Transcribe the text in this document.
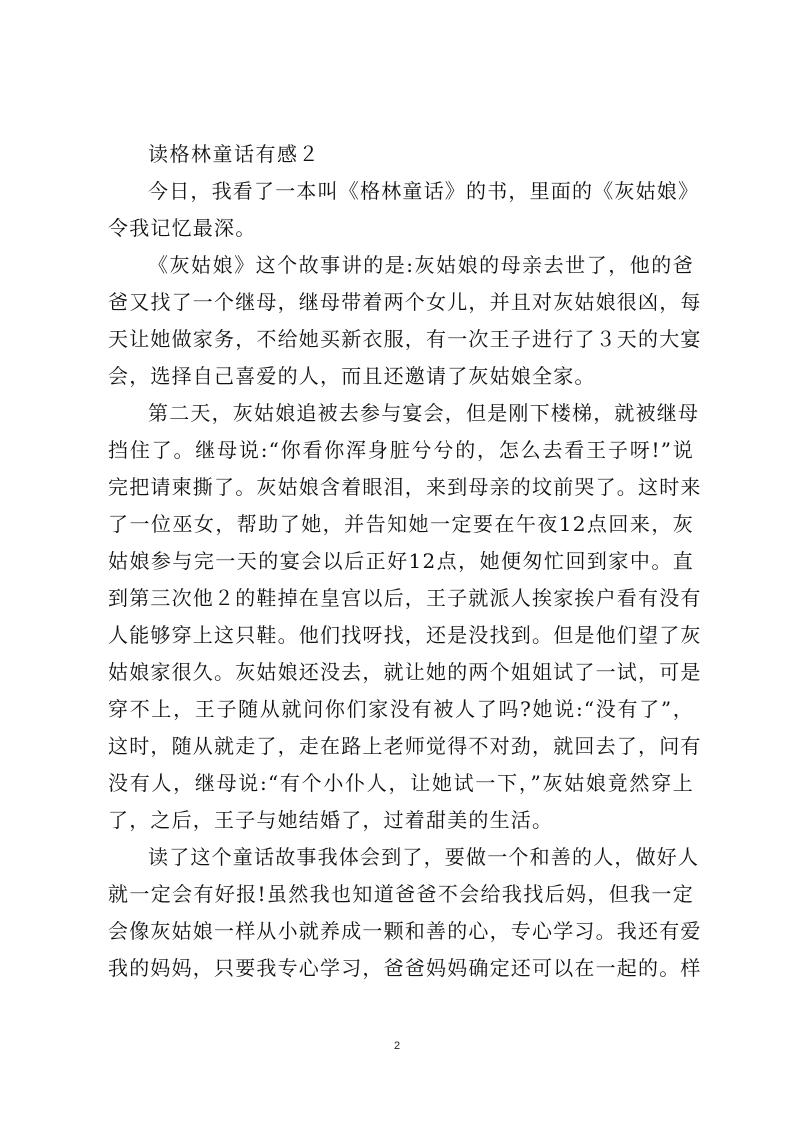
读格林童话有感２
今日，我看了一本叫《格林童话》的书，里面的《灰姑娘》
令我记忆最深。
《灰姑娘》这个故事讲的是:灰姑娘的母亲去世了，他的爸
爸又找了一个继母，继母带着两个女儿，并且对灰姑娘很凶，每
天让她做家务，不给她买新衣服，有一次王子进行了３天的大宴
会，选择自己喜爱的人，而且还邀请了灰姑娘全家。
第二天，灰姑娘追被去参与宴会，但是刚下楼梯，就被继母
挡住了。继母说:“你看你浑身脏兮兮的，怎么去看王子呀!”说
完把请柬撕了。灰姑娘含着眼泪，来到母亲的坟前哭了。这时来
了一位巫女，帮助了她，并告知她一定要在午夜12点回来，灰
姑娘参与完一天的宴会以后正好12点，她便匆忙回到家中。直
到第三次他２的鞋掉在皇宫以后，王子就派人挨家挨户看有没有
人能够穿上这只鞋。他们找呀找，还是没找到。但是他们望了灰
姑娘家很久。灰姑娘还没去，就让她的两个姐姐试了一试，可是
穿不上，王子随从就问你们家没有被人了吗?她说:“没有了”，
这时，随从就走了，走在路上老师觉得不对劲，就回去了，问有
没有人，继母说:“有个小仆人，让她试一下，”灰姑娘竟然穿上
了，之后，王子与她结婚了，过着甜美的生活。
读了这个童话故事我体会到了，要做一个和善的人，做好人
就一定会有好报!虽然我也知道爸爸不会给我找后妈，但我一定
会像灰姑娘一样从小就养成一颗和善的心，专心学习。我还有爱
我的妈妈，只要我专心学习，爸爸妈妈确定还可以在一起的。样
2
